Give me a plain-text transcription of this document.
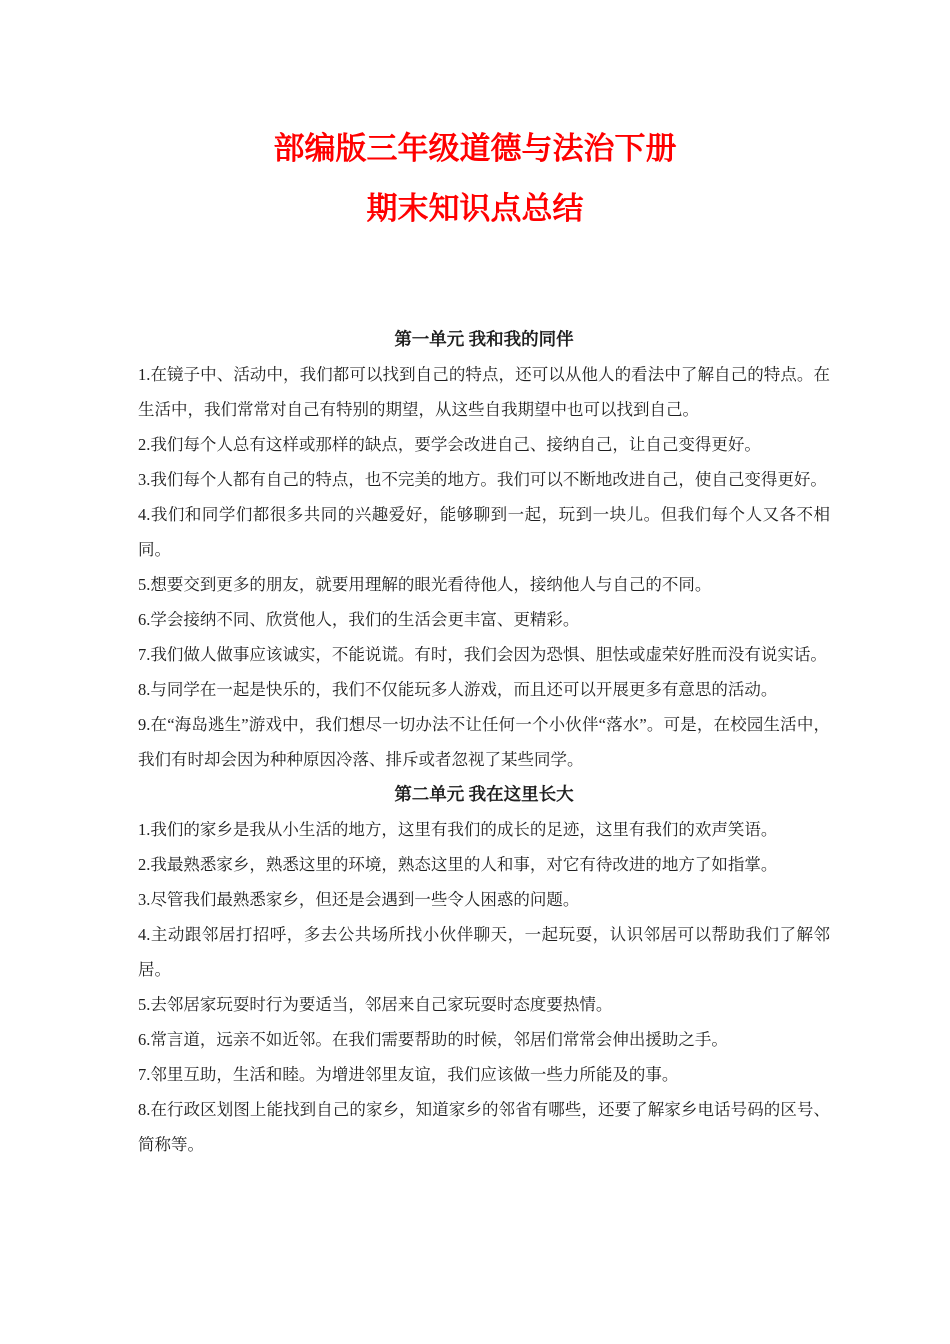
部编版三年级道德与法治下册
期末知识点总结
第一单元 我和我的同伴

1.在镜子中、活动中，我们都可以找到自己的特点，还可以从他人的看法中了解自己的特点。在生活中，我们常常对自己有特别的期望，从这些自我期望中也可以找到自己。

2.我们每个人总有这样或那样的缺点，要学会改进自己、接纳自己，让自己变得更好。

3.我们每个人都有自己的特点，也不完美的地方。我们可以不断地改进自己，使自己变得更好。

4.我们和同学们都很多共同的兴趣爱好，能够聊到一起，玩到一块儿。但我们每个人又各不相同。

5.想要交到更多的朋友，就要用理解的眼光看待他人，接纳他人与自己的不同。

6.学会接纳不同、欣赏他人，我们的生活会更丰富、更精彩。

7.我们做人做事应该诚实，不能说谎。有时，我们会因为恐惧、胆怯或虚荣好胜而没有说实话。

8.与同学在一起是快乐的，我们不仅能玩多人游戏，而且还可以开展更多有意思的活动。

9.在“海岛逃生”游戏中，我们想尽一切办法不让任何一个小伙伴“落水”。可是，在校园生活中，我们有时却会因为种种原因冷落、排斥或者忽视了某些同学。

第二单元 我在这里长大

1.我们的家乡是我从小生活的地方，这里有我们的成长的足迹，这里有我们的欢声笑语。

2.我最熟悉家乡，熟悉这里的环境，熟态这里的人和事，对它有待改进的地方了如指掌。

3.尽管我们最熟悉家乡，但还是会遇到一些令人困惑的问题。

4.主动跟邻居打招呼，多去公共场所找小伙伴聊天，一起玩耍，认识邻居可以帮助我们了解邻居。

5.去邻居家玩耍时行为要适当，邻居来自己家玩耍时态度要热情。

6.常言道，远亲不如近邻。在我们需要帮助的时候，邻居们常常会伸出援助之手。

7.邻里互助，生活和睦。为增进邻里友谊，我们应该做一些力所能及的事。

8.在行政区划图上能找到自己的家乡，知道家乡的邻省有哪些，还要了解家乡电话号码的区号、简称等。
